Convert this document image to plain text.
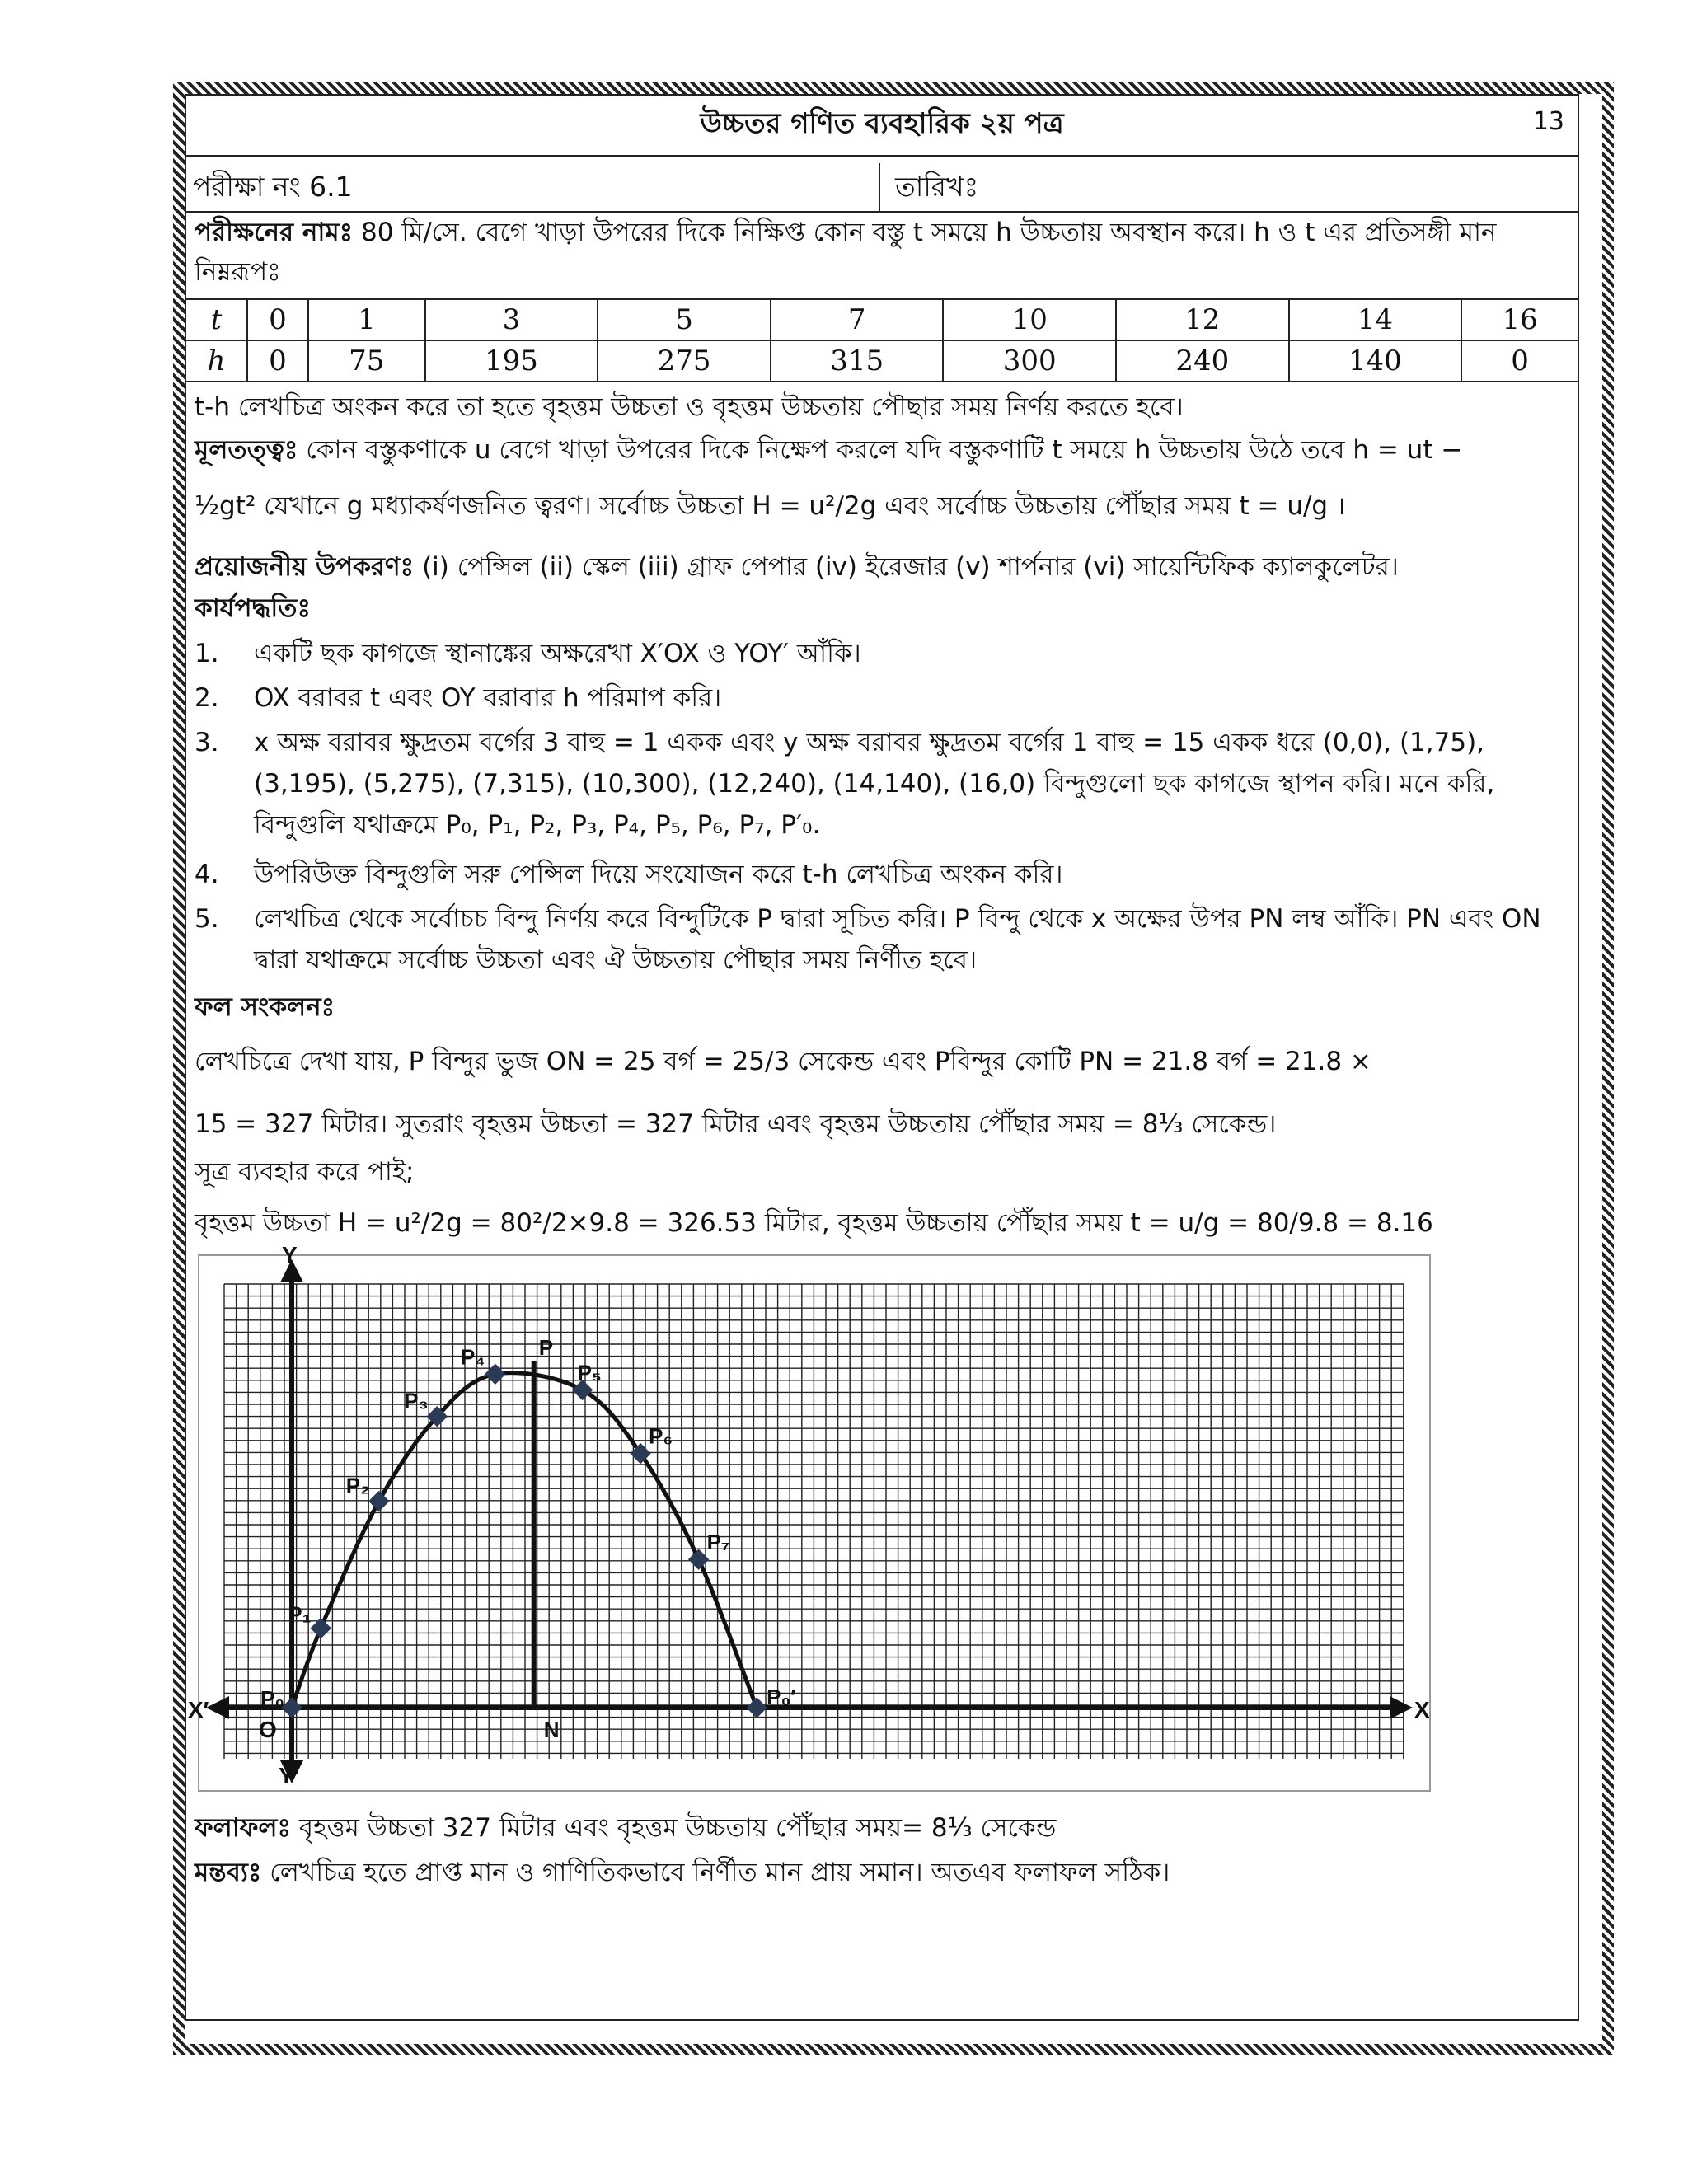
উচ্চতর গণিত ব্যবহারিক ২য় পত্র	13
পরীক্ষা নং 6.1	তারিখঃ
পরীক্ষনের নামঃ 80 মি/সে. বেগে খাড়া উপরের দিকে নিক্ষিপ্ত কোন বস্তু t সময়ে h উচ্চতায় অবস্থান করে। h ও t এর প্রতিসঙ্গী মান নিম্নরূপঃ
t	0	1	3	5	7	10	12	14	16
h	0	75	195	275	315	300	240	140	0
t-h লেখচিত্র অংকন করে তা হতে বৃহত্তম উচ্চতা ও বৃহত্তম উচ্চতায় পৌছার সময় নির্ণয় করতে হবে।
মূলতত্ত্বঃ কোন বস্তুকণাকে u বেগে খাড়া উপরের দিকে নিক্ষেপ করলে যদি বস্তুকণাটি t সময়ে h উচ্চতায় উঠে তবে h = ut −
½gt² যেখানে g মধ্যাকর্ষণজনিত ত্বরণ। সর্বোচ্চ উচ্চতা H = u²/2g এবং সর্বোচ্চ উচ্চতায় পৌঁছার সময় t = u/g ।
প্রয়োজনীয় উপকরণঃ (i) পেন্সিল (ii) স্কেল (iii) গ্রাফ পেপার (iv) ইরেজার (v) শার্পনার (vi) সায়েন্টিফিক ক্যালকুলেটর।
কার্যপদ্ধতিঃ
1. একটি ছক কাগজে স্থানাঙ্কের অক্ষরেখা X′OX ও YOY′ আঁকি।
2. OX বরাবর t এবং OY বরাবার h পরিমাপ করি।
3. x অক্ষ বরাবর ক্ষুদ্রতম বর্গের 3 বাহু = 1 একক এবং y অক্ষ বরাবর ক্ষুদ্রতম বর্গের 1 বাহু = 15 একক ধরে (0,0), (1,75), (3,195), (5,275), (7,315), (10,300), (12,240), (14,140), (16,0) বিন্দুগুলো ছক কাগজে স্থাপন করি। মনে করি, বিন্দুগুলি যথাক্রমে P₀, P₁, P₂, P₃, P₄, P₅, P₆, P₇, P′₀.
4. উপরিউক্ত বিন্দুগুলি সরু পেন্সিল দিয়ে সংযোজন করে t-h লেখচিত্র অংকন করি।
5. লেখচিত্র থেকে সর্বোচচ বিন্দু নির্ণয় করে বিন্দুটিকে P দ্বারা সূচিত করি। P বিন্দু থেকে x অক্ষের উপর PN লম্ব আঁকি। PN এবং ON দ্বারা যথাক্রমে সর্বোচ্চ উচ্চতা এবং ঐ উচ্চতায় পৌছার সময় নির্ণীত হবে।
ফল সংকলনঃ
লেখচিত্রে দেখা যায়, P বিন্দুর ভুজ ON = 25 বর্গ = 25/3 সেকেন্ড এবং Pবিন্দুর কোটি PN = 21.8 বর্গ = 21.8 ×
15 = 327 মিটার। সুতরাং বৃহত্তম উচ্চতা = 327 মিটার এবং বৃহত্তম উচ্চতায় পৌঁছার সময় = 8⅓ সেকেন্ড।
সূত্র ব্যবহার করে পাই;
বৃহত্তম উচ্চতা H = u²/2g = 80²/2×9.8 = 326.53 মিটার, বৃহত্তম উচ্চতায় পৌঁছার সময় t = u/g = 80/9.8 = 8.16
P₀
P₁
P₂
P₃
P₄
P₅
P₆
P₇
P₀′
P
N
X
X′
Y
Y′
O
ফলাফলঃ বৃহত্তম উচ্চতা 327 মিটার এবং বৃহত্তম উচ্চতায় পৌঁছার সময়= 8⅓ সেকেন্ড
মন্তব্যঃ লেখচিত্র হতে প্রাপ্ত মান ও গাণিতিকভাবে নির্ণীত মান প্রায় সমান। অতএব ফলাফল সঠিক।
